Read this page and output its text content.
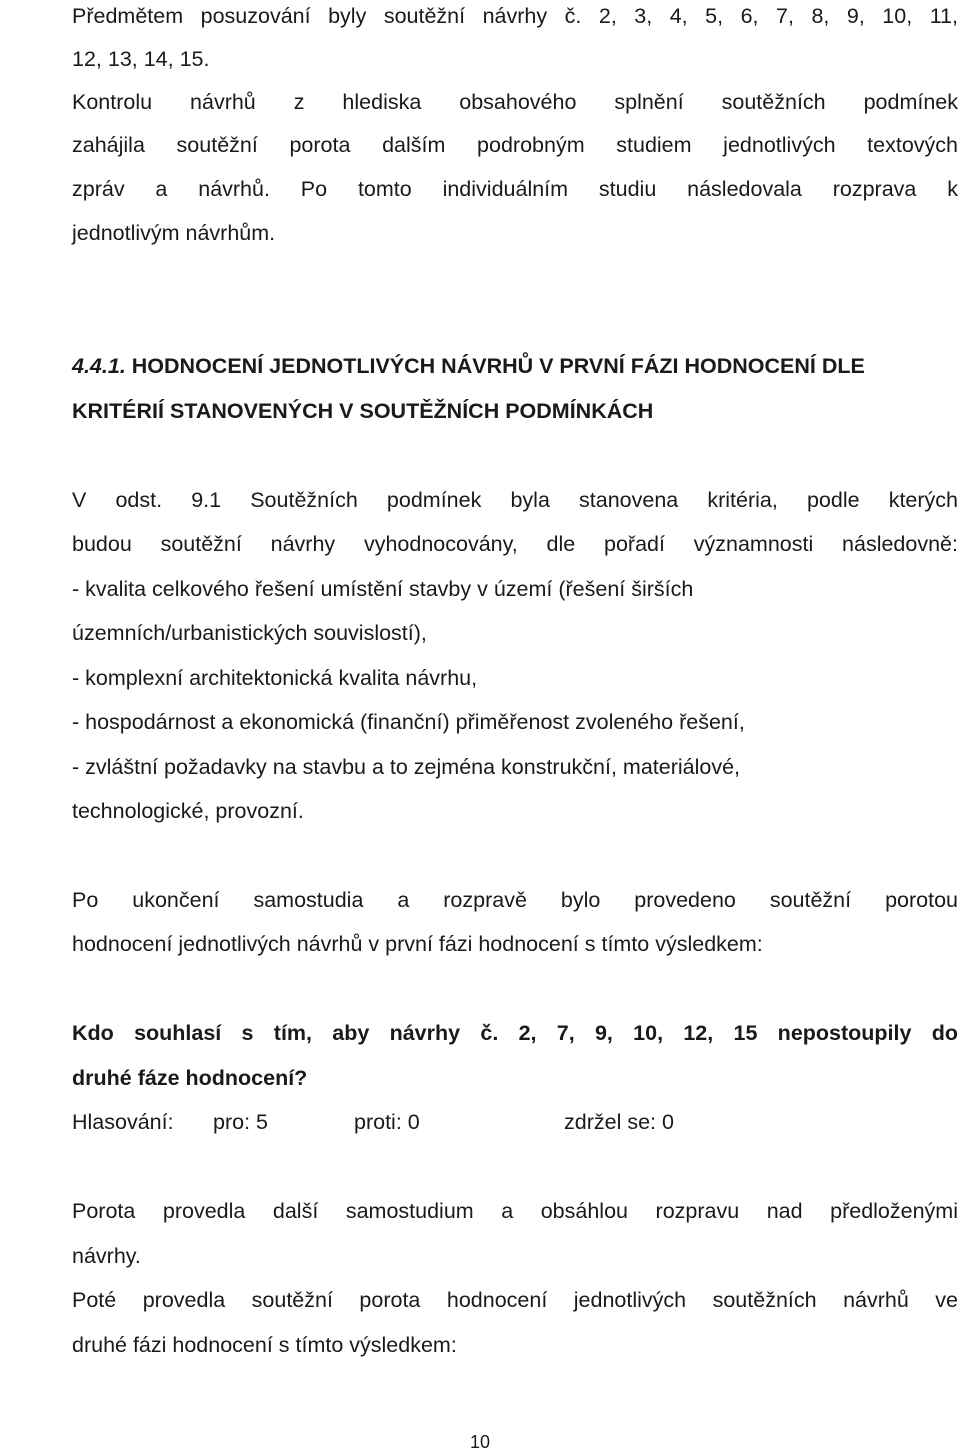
Předmětem posuzování byly soutěžní návrhy č. 2, 3, 4, 5, 6, 7, 8, 9, 10, 11,
12, 13, 14, 15.
Kontrolu návrhů z hlediska obsahového splnění soutěžních podmínek
zahájila soutěžní porota dalším podrobným studiem jednotlivých textových
zpráv a návrhů. Po tomto individuálním studiu následovala rozprava k
jednotlivým návrhům.
4.4.1. HODNOCENÍ JEDNOTLIVÝCH NÁVRHŮ V PRVNÍ FÁZI HODNOCENÍ DLE
KRITÉRIÍ STANOVENÝCH V SOUTĚŽNÍCH PODMÍNKÁCH
V odst. 9.1 Soutěžních podmínek byla stanovena kritéria, podle kterých
budou soutěžní návrhy vyhodnocovány, dle pořadí významnosti následovně:
- kvalita celkového řešení umístění stavby v území (řešení širších
územních/urbanistických souvislostí),
- komplexní architektonická kvalita návrhu,
- hospodárnost a ekonomická (finanční) přiměřenost zvoleného řešení,
- zvláštní požadavky na stavbu a to zejména konstrukční, materiálové,
technologické, provozní.
Po ukončení samostudia a rozpravě bylo provedeno soutěžní porotou
hodnocení jednotlivých návrhů v první fázi hodnocení s tímto výsledkem:
Kdo souhlasí s tím, aby návrhy č. 2, 7, 9, 10, 12, 15 nepostoupily do
druhé fáze hodnocení?
Hlasování: pro: 5	proti: 0	zdržel se: 0
Porota provedla další samostudium a obsáhlou rozpravu nad předloženými
návrhy.
Poté provedla soutěžní porota hodnocení jednotlivých soutěžních návrhů ve
druhé fázi hodnocení s tímto výsledkem:
10
